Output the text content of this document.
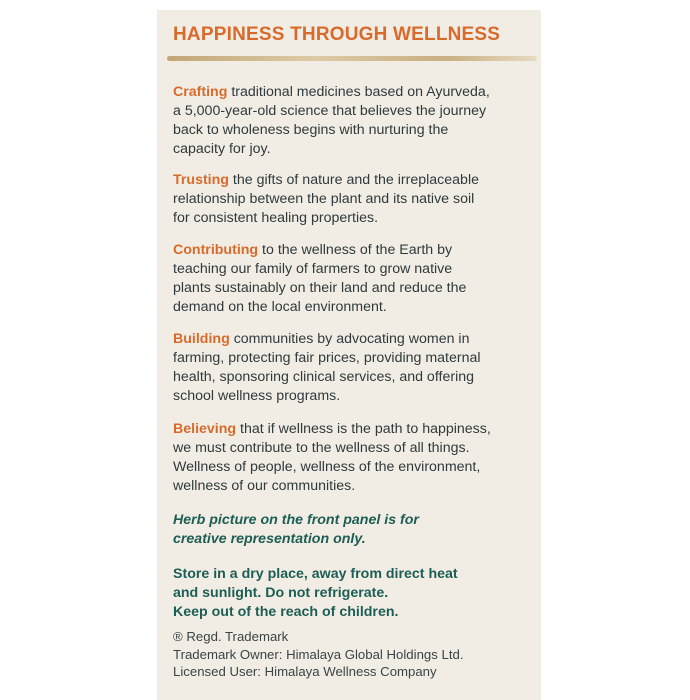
HAPPINESS THROUGH WELLNESS

Crafting traditional medicines based on Ayurveda,
a 5,000-year-old science that believes the journey
back to wholeness begins with nurturing the
capacity for joy.

Trusting the gifts of nature and the irreplaceable
relationship between the plant and its native soil
for consistent healing properties.

Contributing to the wellness of the Earth by
teaching our family of farmers to grow native
plants sustainably on their land and reduce the
demand on the local environment.

Building communities by advocating women in
farming, protecting fair prices, providing maternal
health, sponsoring clinical services, and offering
school wellness programs.

Believing that if wellness is the path to happiness,
we must contribute to the wellness of all things.
Wellness of people, wellness of the environment,
wellness of our communities.

Herb picture on the front panel is for
creative representation only.

Store in a dry place, away from direct heat
and sunlight. Do not refrigerate.
Keep out of the reach of children.

® Regd. Trademark
Trademark Owner: Himalaya Global Holdings Ltd.
Licensed User: Himalaya Wellness Company
